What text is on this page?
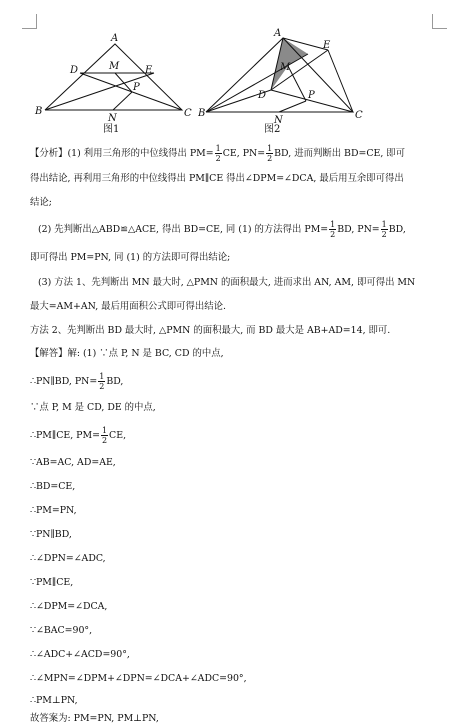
A
D	M	E
P
B
N	C
图1
A
E
M
D	P
B
N	C
图2
【分析】(1) 利用三角形的中位线得出 $PM= \frac{1}{2}$ CE, $PN= \frac{1}{2}$ BD, 进而判断出 BD=CE, 即可
得出结论, 再利用三角形的中位线得出 PM∥CE 得出∠DPM=∠DCA, 最后用互余即可得出
结论;
(2) 先判断出△ABD≌△ACE, 得出 BD=CE, 同 (1) 的方法得出 $PM= \frac{1}{2}$ BD, $PN= \frac{1}{2}$ BD,
即可得出 PM=PN, 同 (1) 的方法即可得出结论;
(3) 方法 1、先判断出 MN 最大时, △PMN 的面积最大, 进而求出 AN, AM, 即可得出 MN
最大=AM+AN, 最后用面积公式即可得出结论.
方法 2、先判断出 BD 最大时, △PMN 的面积最大, 而 BD 最大是 AB+AD=14, 即可.
【解答】解: (1) ∵点 P, N 是 BC, CD 的中点,
∴PN∥BD, $PN= \frac{1}{2}$ BD,
∵点 P, M 是 CD, DE 的中点,
∴PM∥CE, $PM= \frac{1}{2}$ CE,
∵AB=AC, AD=AE,
∴BD=CE,
∴PM=PN,
∵PN∥BD,
∴∠DPN=∠ADC,
∵PM∥CE,
∴∠DPM=∠DCA,
∵∠BAC=90°,
∴∠ADC+∠ACD=90°,
∴∠MPN=∠DPM+∠DPN=∠DCA+∠ADC=90°,
∴PM⊥PN,
故答案为: PM=PN, PM⊥PN,
